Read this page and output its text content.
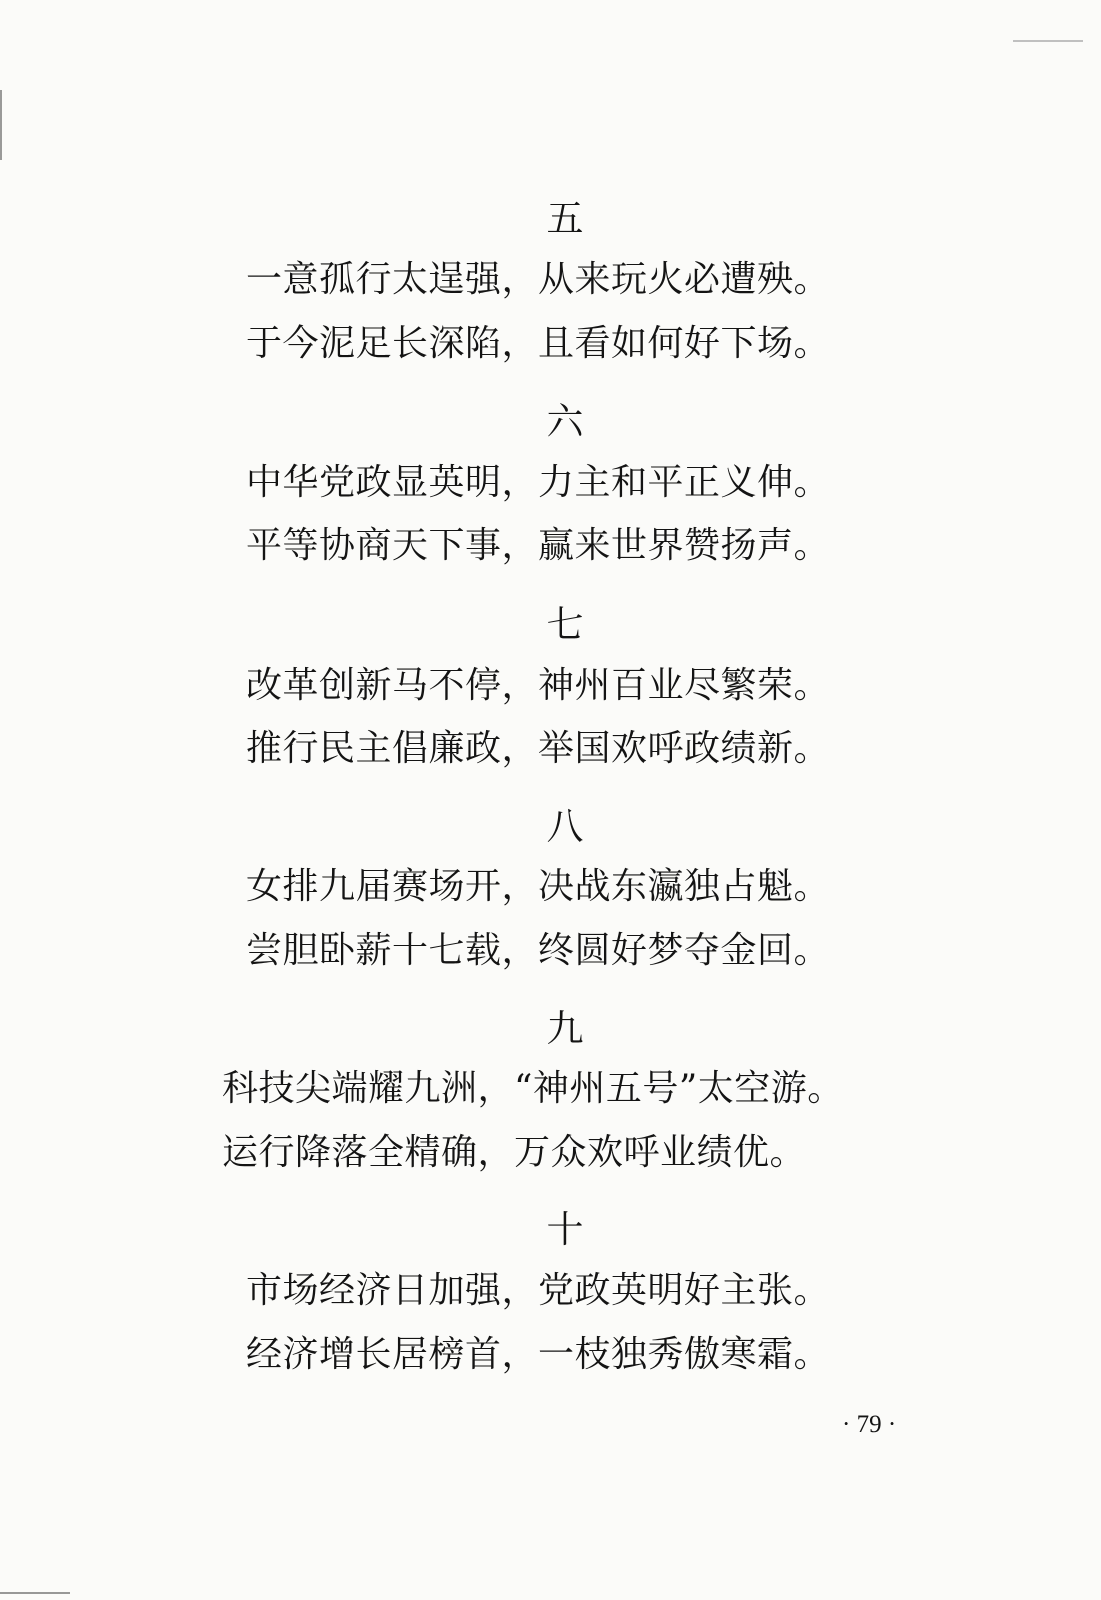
五
一意孤行太逞强，从来玩火必遭殃。
于今泥足长深陷，且看如何好下场。
六
中华党政显英明，力主和平正义伸。
平等协商天下事，赢来世界赞扬声。
七
改革创新马不停，神州百业尽繁荣。
推行民主倡廉政，举国欢呼政绩新。
八
女排九届赛场开，决战东瀛独占魁。
尝胆卧薪十七载，终圆好梦夺金回。
九
科技尖端耀九洲，“神州五号”太空游。
运行降落全精确，万众欢呼业绩优。
十
市场经济日加强，党政英明好主张。
经济增长居榜首，一枝独秀傲寒霜。
· 79 ·
